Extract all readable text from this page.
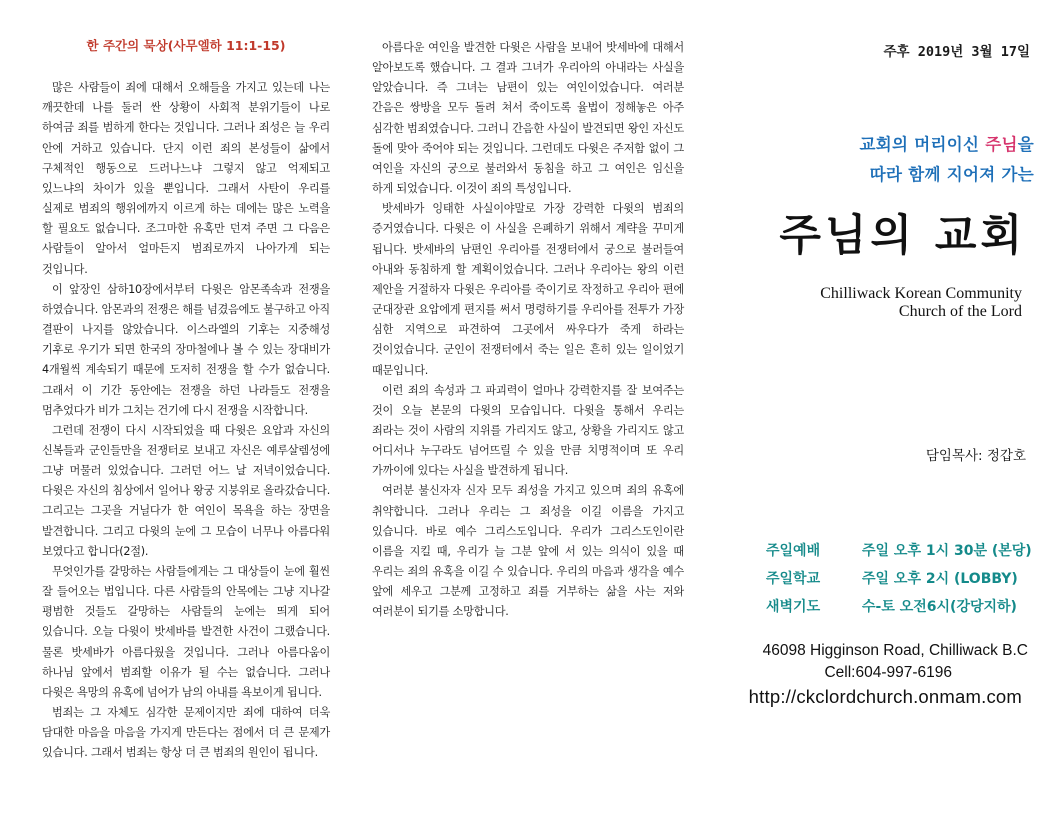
한 주간의 묵상(사무엘하 11:1-15)

많은 사람들이 죄에 대해서 오해들을 가지고 있는데 나는 깨끗한데 나를 둘러 싼 상황이 사회적 분위기들이 나로 하여금 죄를 범하게 한다는 것입니다. 그러나 죄성은 늘 우리 안에 거하고 있습니다. 단지 이런 죄의 본성들이 삶에서 구체적인 행동으로 드러나느냐 그렇지 않고 억제되고 있느냐의 차이가 있을 뿐입니다. 그래서 사탄이 우리를 실제로 범죄의 행위에까지 이르게 하는 데에는 많은 노력을 할 필요도 없습니다. 조그마한 유혹만 던져 주면 그 다음은 사람들이 알아서 얼마든지 범죄로까지 나아가게 되는 것입니다.

이 앞장인 삼하10장에서부터 다윗은 암몬족속과 전쟁을 하였습니다. 암몬과의 전쟁은 해를 넘겼음에도 불구하고 아직 결판이 나지를 않았습니다. 이스라엘의 기후는 지중해성 기후로 우기가 되면 한국의 장마철에나 볼 수 있는 장대비가 4개월씩 계속되기 때문에 도저히 전쟁을 할 수가 없습니다. 그래서 이 기간 동안에는 전쟁을 하던 나라들도 전쟁을 멈추었다가 비가 그치는 건기에 다시 전쟁을 시작합니다.

그런데 전쟁이 다시 시작되었을 때 다윗은 요압과 자신의 신복들과 군인들만을 전쟁터로 보내고 자신은 예루살렘성에 그냥 머물러 있었습니다. 그러던 어느 날 저녁이었습니다. 다윗은 자신의 침상에서 일어나 왕궁 지붕위로 올라갔습니다. 그리고는 그곳을 거닐다가 한 여인이 목욕을 하는 장면을 발견합니다. 그리고 다윗의 눈에 그 모습이 너무나 아름다워 보였다고 합니다(2절).

무엇인가를 갈망하는 사람들에게는 그 대상들이 눈에 훨씬 잘 들어오는 법입니다. 다른 사람들의 안목에는 그냥 지나갈 평범한 것들도 갈망하는 사람들의 눈에는 띄게 되어 있습니다. 오늘 다윗이 밧세바를 발견한 사건이 그랬습니다. 물론 밧세바가 아름다웠을 것입니다. 그러나 아름다움이 하나님 앞에서 범죄할 이유가 될 수는 없습니다. 그러나 다윗은 욕망의 유혹에 넘어가 남의 아내를 욕보이게 됩니다.

범죄는 그 자체도 심각한 문제이지만 죄에 대하여 더욱 담대한 마음을 마음을 가지게 만든다는 점에서 더 큰 문제가 있습니다. 그래서 범죄는 항상 더 큰 범죄의 원인이 됩니다.

아름다운 여인을 발견한 다윗은 사람을 보내어 밧세바에 대해서 알아보도록 했습니다. 그 결과 그녀가 우리아의 아내라는 사실을 알았습니다. 즉 그녀는 남편이 있는 여인이었습니다. 여러분 간음은 쌍방을 모두 돌려 쳐서 죽이도록 율법이 정해놓은 아주 심각한 범죄였습니다. 그러니 간음한 사실이 발견되면 왕인 자신도 돌에 맞아 죽어야 되는 것입니다. 그런데도 다윗은 주저함 없이 그 여인을 자신의 궁으로 불러와서 동침을 하고 그 여인은 임신을 하게 되었습니다. 이것이 죄의 특성입니다.

밧세바가 잉태한 사실이야말로 가장 강력한 다윗의 범죄의 증거였습니다. 다윗은 이 사실을 은폐하기 위해서 계략을 꾸미게 됩니다. 밧세바의 남편인 우리아를 전쟁터에서 궁으로 불러들여 아내와 동침하게 할 계획이었습니다. 그러나 우리아는 왕의 이런 제안을 거절하자 다윗은 우리아를 죽이기로 작정하고 우리아 편에 군대장관 요압에게 편지를 써서 명령하기를 우리아를 전투가 가장 심한 지역으로 파견하여 그곳에서 싸우다가 죽게 하라는 것이었습니다. 군인이 전쟁터에서 죽는 일은 흔히 있는 일이었기 때문입니다.

이런 죄의 속성과 그 파괴력이 얼마나 강력한지를 잘 보여주는 것이 오늘 본문의 다윗의 모습입니다. 다윗을 통해서 우리는 죄라는 것이 사람의 지위를 가리지도 않고, 상황을 가리지도 않고 어디서나 누구라도 넘어뜨릴 수 있을 만큼 치명적이며 또 우리 가까이에 있다는 사실을 발견하게 됩니다.

여러분 불신자자 신자 모두 죄성을 가지고 있으며 죄의 유혹에 취약합니다. 그러나 우리는 그 죄성을 이길 이름을 가지고 있습니다. 바로 예수 그리스도입니다. 우리가 그리스도인이란 이름을 지킬 때, 우리가 늘 그분 앞에 서 있는 의식이 있을 때 우리는 죄의 유혹을 이길 수 있습니다. 우리의 마음과 생각을 예수 앞에 세우고 그분께 고정하고 죄를 거부하는 삶을 사는 저와 여러분이 되기를 소망합니다.

주후 2019년 3월 17일
교회의 머리이신 주님을
따라 함께 지어져 가는
주님의 교회
Chilliwack Korean Community
Church of the Lord
담임목사: 정갑호
주일예배	주일 오후 1시 30분 (본당)
주일학교	주일 오후 2시 (LOBBY)
새벽기도	수-토 오전6시(강당지하)
46098 Higginson Road, Chilliwack B.C
Cell:604-997-6196
http://ckclordchurch.onmam.com
